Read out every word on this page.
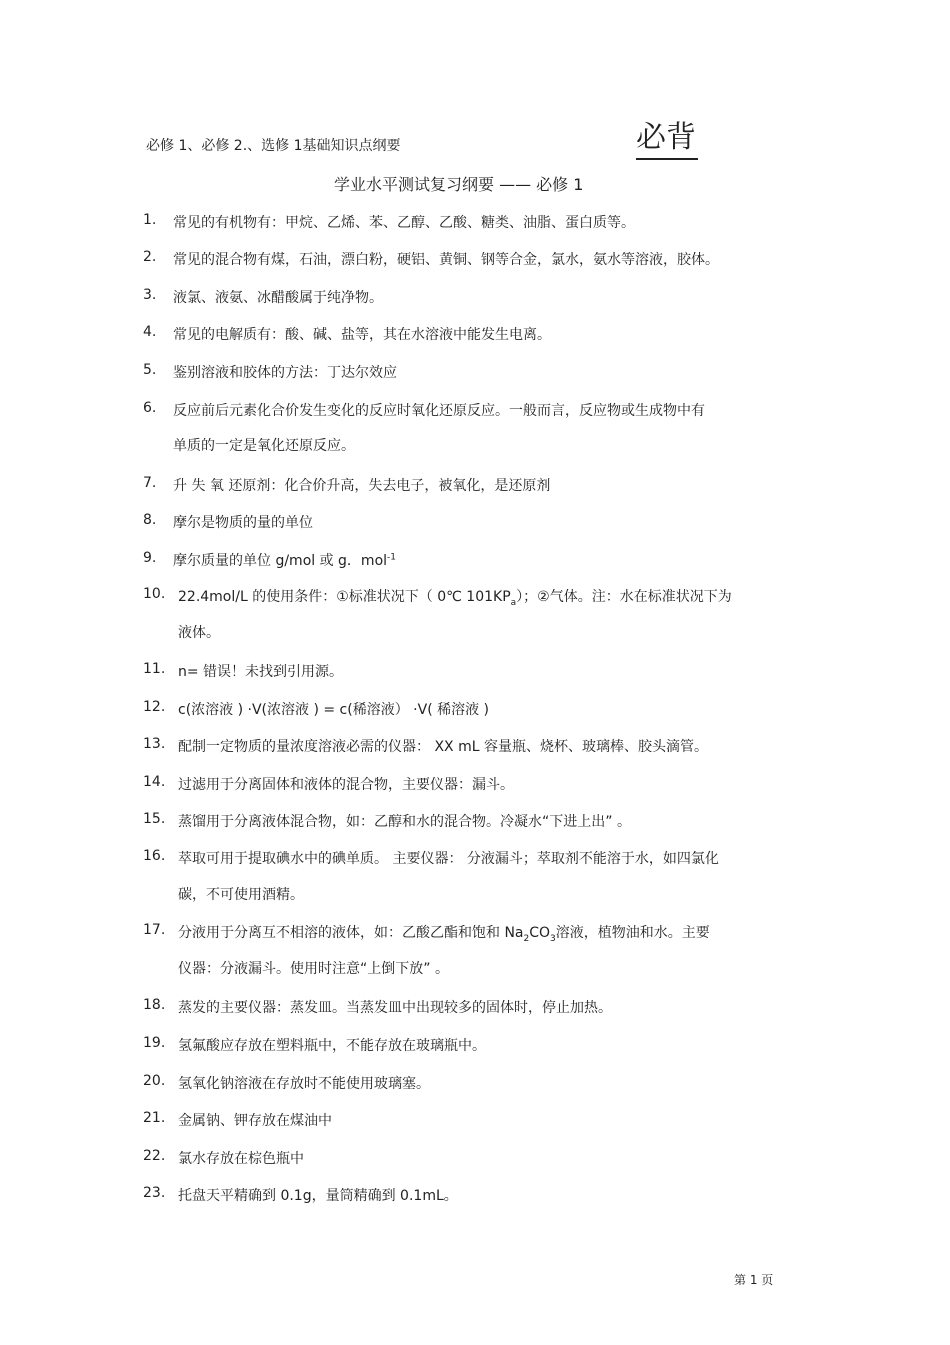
必修 1、必修 2.、选修 1基础知识点纲要	必背
学业水平测试复习纲要 —— 必修 1
1. 常见的有机物有：甲烷、乙烯、苯、乙醇、乙酸、糖类、油脂、蛋白质等。
2. 常见的混合物有煤，石油，漂白粉，硬铝、黄铜、钢等合金，氯水，氨水等溶液，胶体。
3. 液氯、液氨、冰醋酸属于纯净物。
4. 常见的电解质有：酸、碱、盐等，其在水溶液中能发生电离。
5. 鉴别溶液和胶体的方法：丁达尔效应
6. 反应前后元素化合价发生变化的反应时氧化还原反应。一般而言，反应物或生成物中有
单质的一定是氧化还原反应。
7. 升 失 氧 还原剂：化合价升高，失去电子，被氧化，是还原剂
8. 摩尔是物质的量的单位
9. 摩尔质量的单位 g/mol 或 g．mol$^{-1}$
10. 22.4mol/L 的使用条件：①标准状况下（ 0℃ $101KP_a$）；②气体。注：水在标准状况下为
液体。
11. n= 错误！未找到引用源。
12. c(浓溶液 ) ·V(浓溶液 ) = c(稀溶液） ·V( 稀溶液 )
13. 配制一定物质的量浓度溶液必需的仪器： XX mL 容量瓶、烧杯、玻璃棒、胶头滴管。
14. 过滤用于分离固体和液体的混合物，主要仪器：漏斗。
15. 蒸馏用于分离液体混合物，如：乙醇和水的混合物。冷凝水“下进上出” 。
16. 萃取可用于提取碘水中的碘单质。 主要仪器： 分液漏斗；萃取剂不能溶于水，如四氯化
碳，不可使用酒精。
17. 分液用于分离互不相溶的液体，如：乙酸乙酯和饱和 $Na_2CO_3$溶液，植物油和水。主要
仪器：分液漏斗。使用时注意“上倒下放” 。
18. 蒸发的主要仪器：蒸发皿。当蒸发皿中出现较多的固体时，停止加热。
19. 氢氟酸应存放在塑料瓶中，不能存放在玻璃瓶中。
20. 氢氧化钠溶液在存放时不能使用玻璃塞。
21. 金属钠、钾存放在煤油中
22. 氯水存放在棕色瓶中
23. 托盘天平精确到 0.1g，量筒精确到 0.1mL。
第 1 页
